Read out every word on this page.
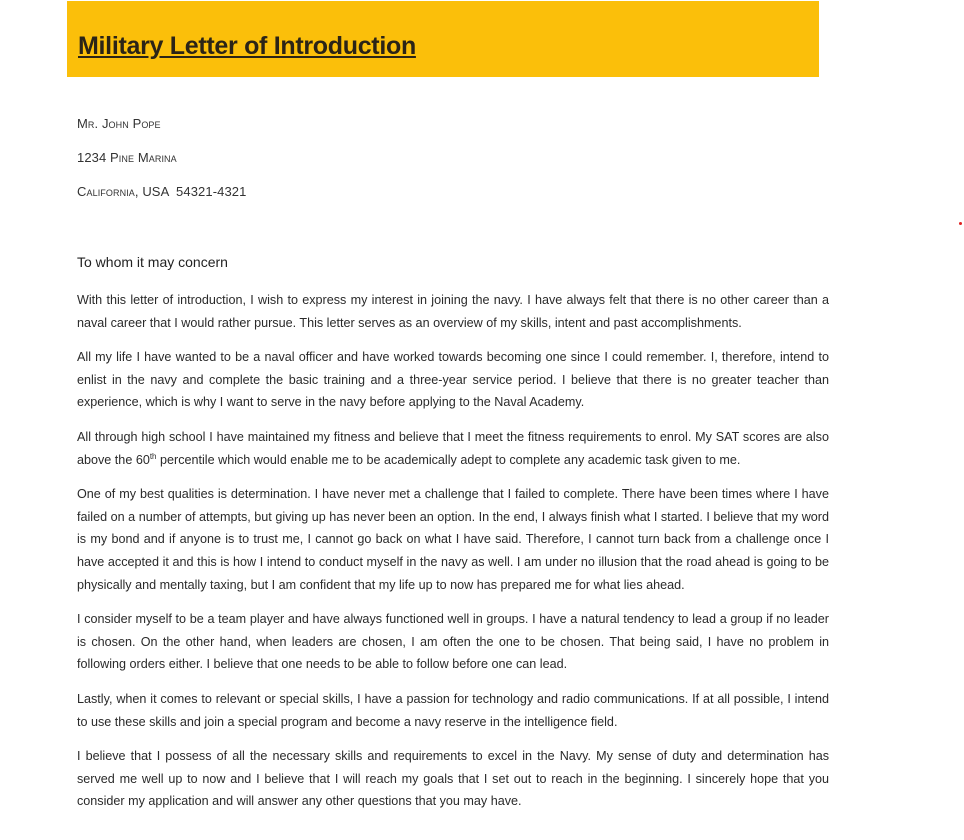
Military Letter of Introduction
Mr. John Pope
1234 Pine Marina
California, USA  54321-4321
To whom it may concern

With this letter of introduction, I wish to express my interest in joining the navy. I have always felt that there is no other career than a naval career that I would rather pursue. This letter serves as an overview of my skills, intent and past accomplishments.

All my life I have wanted to be a naval officer and have worked towards becoming one since I could remember. I, therefore, intend to enlist in the navy and complete the basic training and a three-year service period. I believe that there is no greater teacher than experience, which is why I want to serve in the navy before applying to the Naval Academy.

All through high school I have maintained my fitness and believe that I meet the fitness requirements to enrol. My SAT scores are also above the 60th percentile which would enable me to be academically adept to complete any academic task given to me.

One of my best qualities is determination. I have never met a challenge that I failed to complete. There have been times where I have failed on a number of attempts, but giving up has never been an option. In the end, I always finish what I started. I believe that my word is my bond and if anyone is to trust me, I cannot go back on what I have said. Therefore, I cannot turn back from a challenge once I have accepted it and this is how I intend to conduct myself in the navy as well. I am under no illusion that the road ahead is going to be physically and mentally taxing, but I am confident that my life up to now has prepared me for what lies ahead.

I consider myself to be a team player and have always functioned well in groups. I have a natural tendency to lead a group if no leader is chosen. On the other hand, when leaders are chosen, I am often the one to be chosen. That being said, I have no problem in following orders either. I believe that one needs to be able to follow before one can lead.

Lastly, when it comes to relevant or special skills, I have a passion for technology and radio communications. If at all possible, I intend to use these skills and join a special program and become a navy reserve in the intelligence field.

I believe that I possess of all the necessary skills and requirements to excel in the Navy. My sense of duty and determination has served me well up to now and I believe that I will reach my goals that I set out to reach in the beginning. I sincerely hope that you consider my application and will answer any other questions that you may have.
